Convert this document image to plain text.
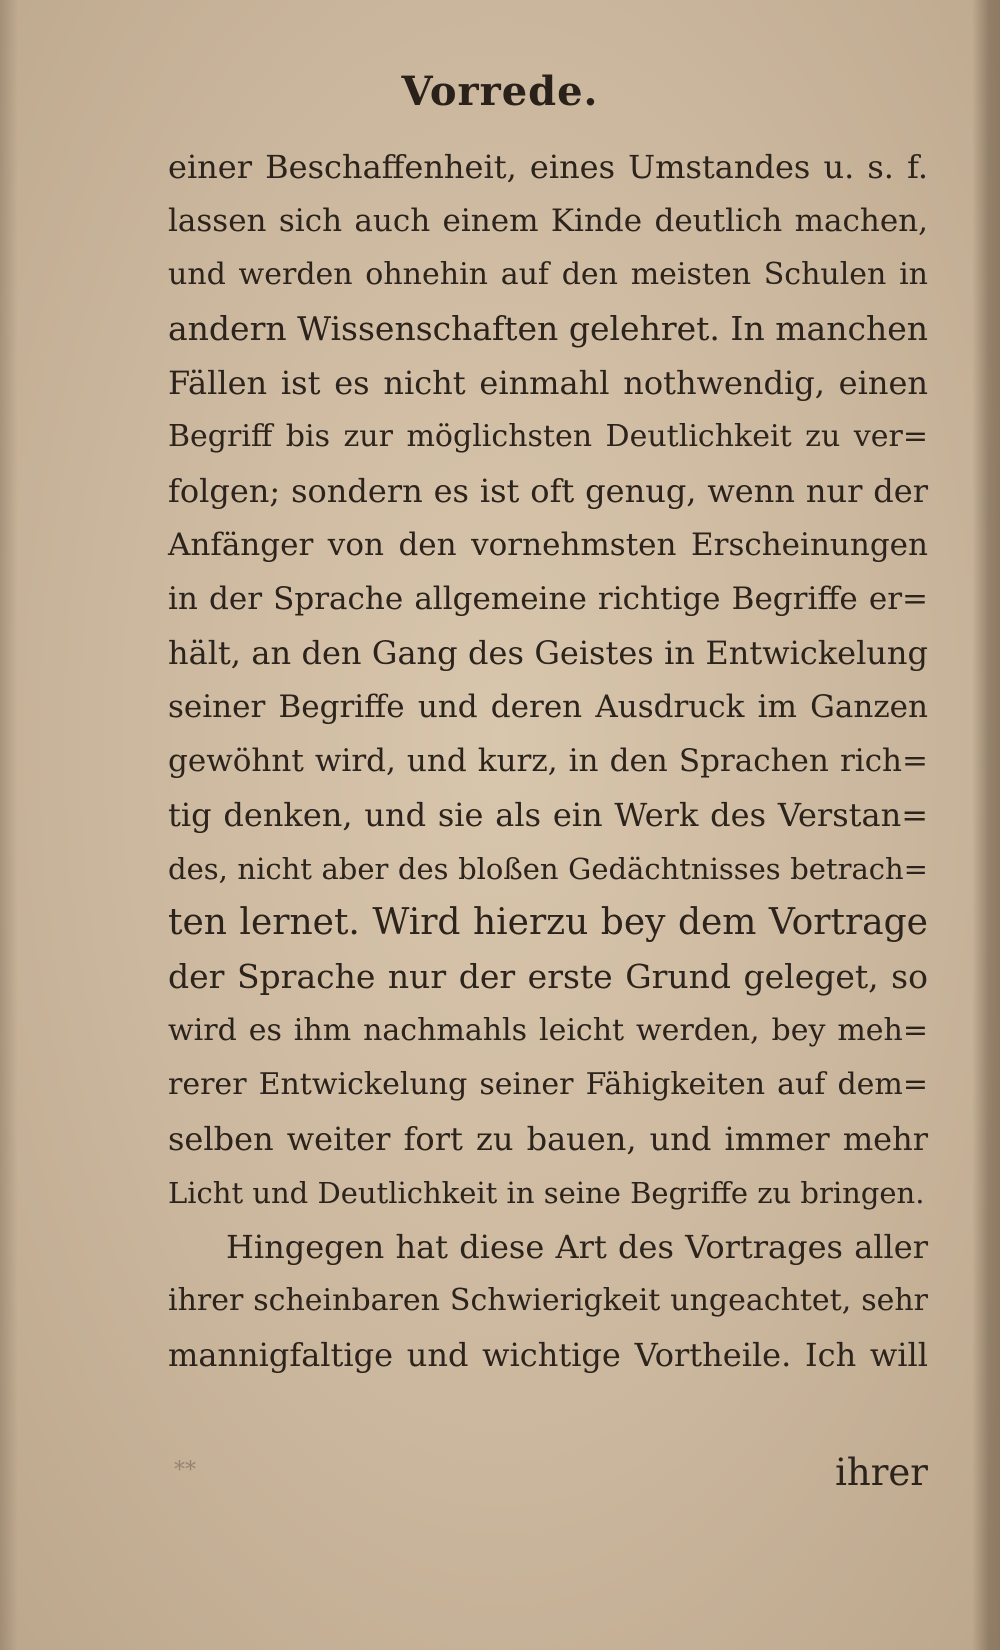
Vorrede.
einer Beschaffenheit, eines Umstandes u. s. f.
lassen sich auch einem Kinde deutlich machen,
und werden ohnehin auf den meisten Schulen in
andern Wissenschaften gelehret. In manchen
Fällen ist es nicht einmahl nothwendig, einen
Begriff bis zur möglichsten Deutlichkeit zu ver=
folgen; sondern es ist oft genug, wenn nur der
Anfänger von den vornehmsten Erscheinungen
in der Sprache allgemeine richtige Begriffe er=
hält, an den Gang des Geistes in Entwickelung
seiner Begriffe und deren Ausdruck im Ganzen
gewöhnt wird, und kurz, in den Sprachen rich=
tig denken, und sie als ein Werk des Verstan=
des, nicht aber des bloßen Gedächtnisses betrach=
ten lernet. Wird hierzu bey dem Vortrage
der Sprache nur der erste Grund geleget, so
wird es ihm nachmahls leicht werden, bey meh=
rerer Entwickelung seiner Fähigkeiten auf dem=
selben weiter fort zu bauen, und immer mehr
Licht und Deutlichkeit in seine Begriffe zu bringen.
Hingegen hat diese Art des Vortrages aller
ihrer scheinbaren Schwierigkeit ungeachtet, sehr
mannigfaltige und wichtige Vortheile. Ich will
**	ihrer
